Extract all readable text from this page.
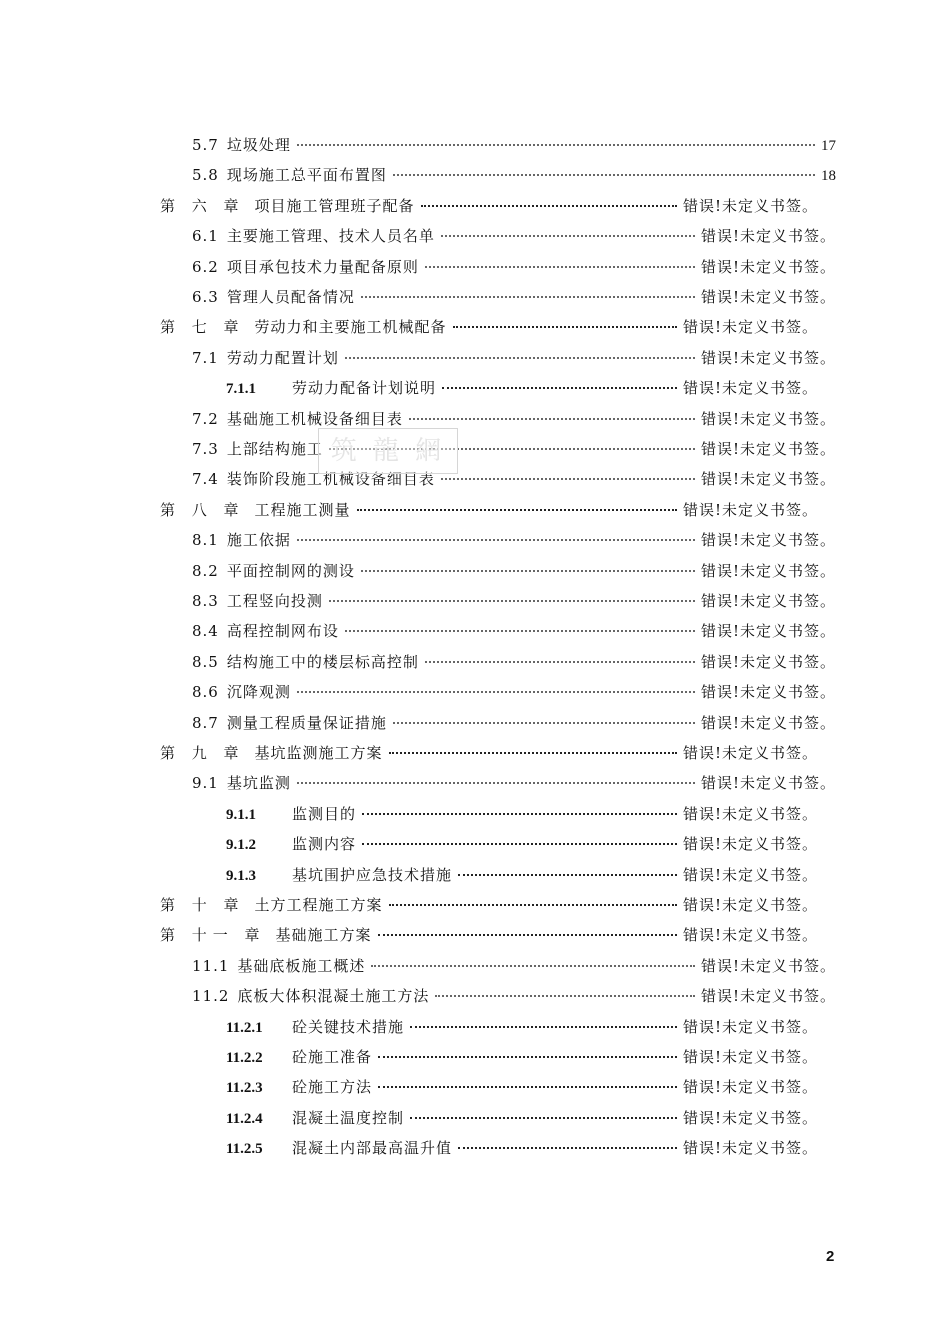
5.7 垃圾处理	17
5.8 现场施工总平面布置图	18
第 六 章 项目施工管理班子配备	错误!未定义书签。
6.1 主要施工管理、技术人员名单	错误!未定义书签。
6.2 项目承包技术力量配备原则	错误!未定义书签。
6.3 管理人员配备情况	错误!未定义书签。
第 七 章 劳动力和主要施工机械配备	错误!未定义书签。
7.1 劳动力配置计划	错误!未定义书签。
7.1.1	劳动力配备计划说明	错误!未定义书签。
7.2 基础施工机械设备细目表	错误!未定义书签。
7.3 上部结构施工	错误!未定义书签。
7.4 装饰阶段施工机械设备细目表	错误!未定义书签。
第 八 章 工程施工测量	错误!未定义书签。
8.1 施工依据	错误!未定义书签。
8.2 平面控制网的测设	错误!未定义书签。
8.3 工程竖向投测	错误!未定义书签。
8.4 高程控制网布设	错误!未定义书签。
8.5 结构施工中的楼层标高控制	错误!未定义书签。
8.6 沉降观测	错误!未定义书签。
8.7 测量工程质量保证措施	错误!未定义书签。
第 九 章 基坑监测施工方案	错误!未定义书签。
9.1 基坑监测	错误!未定义书签。
9.1.1	监测目的	错误!未定义书签。
9.1.2	监测内容	错误!未定义书签。
9.1.3	基坑围护应急技术措施	错误!未定义书签。
第 十 章 土方工程施工方案	错误!未定义书签。
第 十一 章 基础施工方案	错误!未定义书签。
11.1 基础底板施工概述	错误!未定义书签。
11.2 底板大体积混凝土施工方法	错误!未定义书签。
11.2.1	砼关键技术措施	错误!未定义书签。
11.2.2	砼施工准备	错误!未定义书签。
11.2.3	砼施工方法	错误!未定义书签。
11.2.4	混凝土温度控制	错误!未定义书签。
11.2.5	混凝土内部最高温升值	错误!未定义书签。
筑 龍 網
2
